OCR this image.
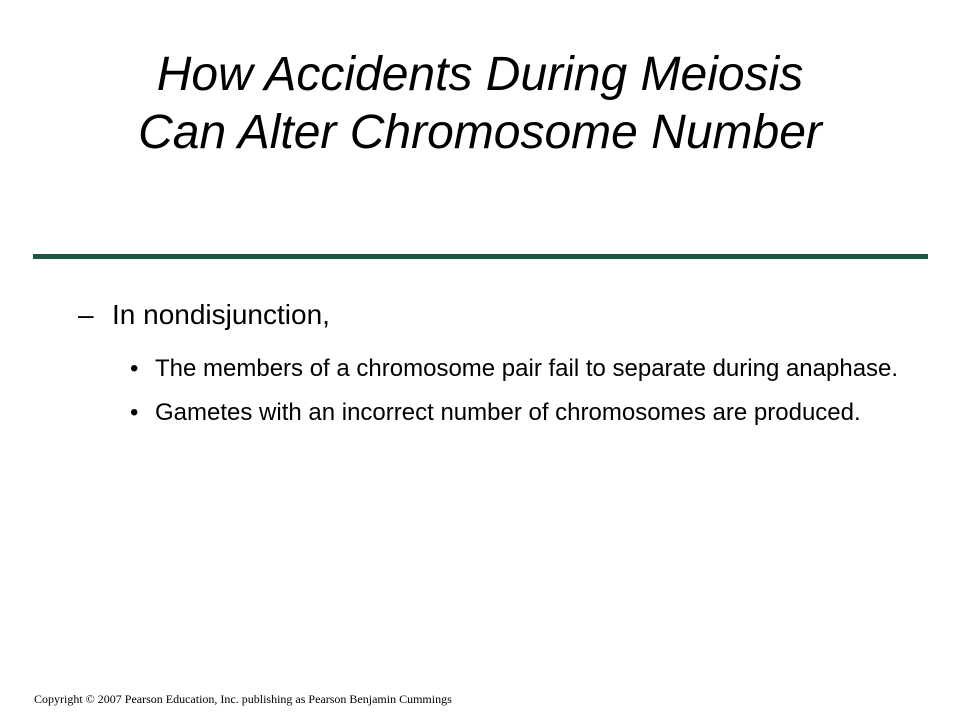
How Accidents During Meiosis
Can Alter Chromosome Number
– In nondisjunction,
• The members of a chromosome pair fail to separate during anaphase.
• Gametes with an incorrect number of chromosomes are produced.
Copyright © 2007 Pearson Education, Inc. publishing as Pearson Benjamin Cummings
